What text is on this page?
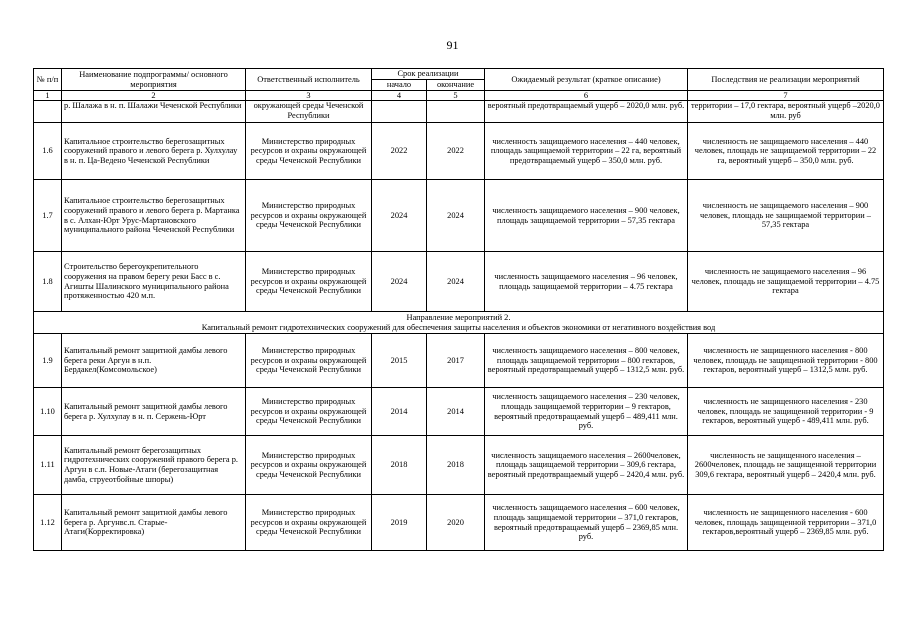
91
№ п/п	Наименование подпрограммы/ основного мероприятия	Ответственный исполнитель	Срок реализации		Ожидаемый результат (краткое описание)	Последствия не реализации мероприятий
			начало	окончание		
1	2	3	4	5	6	7
	р. Шалажа в н. п. Шалажи Чеченской Республики	окружающей среды Чеченской Республики			вероятный предотвращаемый ущерб – 2020,0 млн. руб.	территории – 17,0 гектара, вероятный ущерб –2020,0 млн. руб
1.6	Капитальное строительство берегозащитных сооружений правого и левого берега р. Хулхулау в н. п. Ца-Ведено Чеченской Республики	Министерство природных ресурсов и охраны окружающей среды Чеченской Республики	2022	2022	численность защищаемого населения – 440 человек, площадь защищаемой территории – 22 га, вероятный предотвращаемый ущерб – 350,0 млн. руб.	численность не защищаемого населения – 440 человек, площадь не защищаемой территории – 22 га, вероятный ущерб – 350,0 млн. руб.
1.7	Капитальное строительство берегозащитных сооружений правого и левого берега р. Мартанка в с. Алхан-Юрт Урус-Мартановского муниципального района Чеченской Республики	Министерство природных ресурсов и охраны окружающей среды Чеченской Республики	2024	2024	численность защищаемого населения – 900 человек, площадь защищаемой территории – 57,35 гектара	численность не защищаемого населения – 900 человек, площадь не защищаемой территории – 57,35 гектара
1.8	Строительство берегоукрепительного сооружения на правом берегу реки Басс в с. Агишты Шалинского муниципального района протяженностью 420 м.п.	Министерство природных ресурсов и охраны окружающей среды Чеченской Республики	2024	2024	численность защищаемого населения – 96 человек, площадь защищаемой территории – 4.75 гектара	численность не защищаемого населения – 96 человек, площадь не защищаемой территории – 4.75 гектара

Направление мероприятий 2.
Капитальный ремонт гидротехнических сооружений для обеспечения защиты населения и объектов экономики от негативного воздействия вод						

1.9	Капитальный ремонт защитной дамбы левого берега реки Аргун в н.п. Бердакел(Комсомольское)	Министерство природных ресурсов и охраны окружающей среды Чеченской Республики	2015	2017	численность защищаемого населения – 800 человек, площадь защищаемой территории – 800 гектаров, вероятный предотвращаемый ущерб – 1312,5 млн. руб.	численность не защищенного населения - 800 человек, площадь не защищенной территории - 800 гектаров, вероятный ущерб – 1312,5 млн. руб.
1.10	Капитальный ремонт защитной дамбы левого берега р. Хулхулау в н. п. Сержень-Юрт	Министерство природных ресурсов и охраны окружающей среды Чеченской Республики	2014	2014	численность защищаемого населения – 230 человек, площадь защищаемой территории – 9 гектаров, вероятный предотвращаемый ущерб – 489,411 млн. руб.	численность не защищенного населения - 230 человек, площадь не защищенной территории - 9 гектаров, вероятный ущерб - 489,411 млн. руб.
1.11	Капитальный ремонт берегозащитных гидротехнических сооружений правого берега р. Аргун в с.п. Новые-Атаги (берегозащитная дамба, струеотбойные шпоры)	Министерство природных ресурсов и охраны окружающей среды Чеченской Республики	2018	2018	численность защищаемого населения – 2600человек, площадь защищаемой территории – 309,6 гектара, вероятный предотвращаемый ущерб – 2420,4 млн. руб.	численность не защищенного населения –2600человек, площадь не защищенной территории 309,6 гектара, вероятный ущерб – 2420,4 млн. руб.
1.12	Капитальный ремонт защитной дамбы левого берега р. Аргунвс.п. Старые-Атаги(Корректировка)	Министерство природных ресурсов и охраны окружающей среды Чеченской Республики	2019	2020	численность защищаемого населения – 600 человек, площадь защищаемой территории – 371,0 гектаров, вероятный предотвращаемый ущерб – 2369,85 млн. руб.	численность не защищенного населения - 600 человек, площадь защищенной территории – 371,0 гектаров,вероятный ущерб – 2369,85 млн. руб.
